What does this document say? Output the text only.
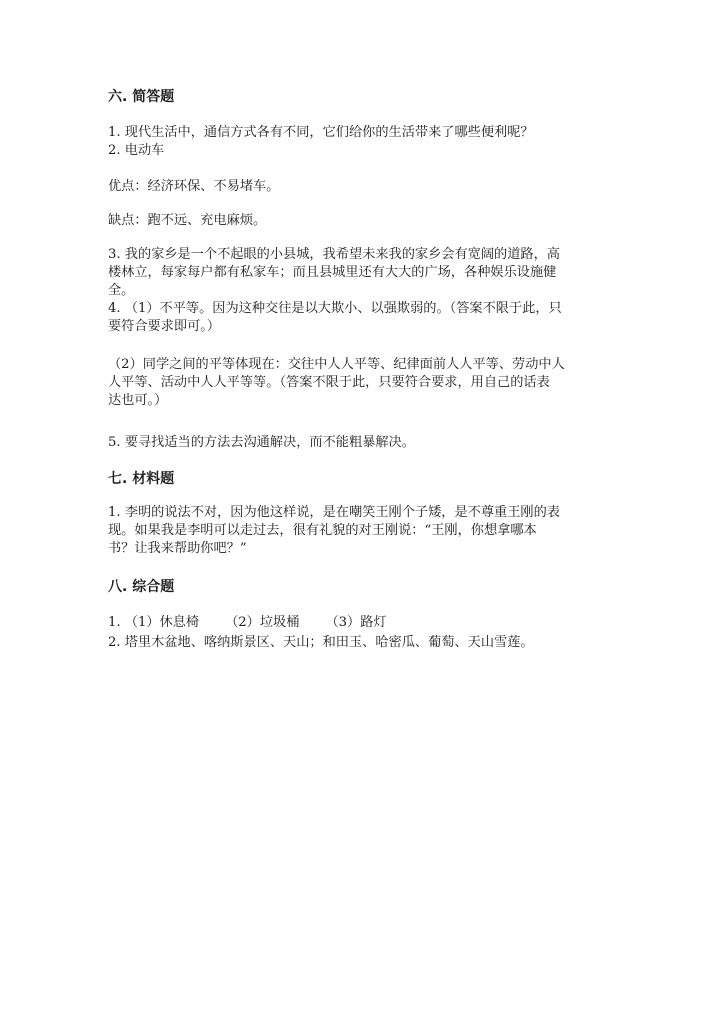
六. 简答题

1. 现代生活中，通信方式各有不同，它们给你的生活带来了哪些便利呢？
2. 电动车

优点：经济环保、不易堵车。

缺点：跑不远、充电麻烦。

3. 我的家乡是一个不起眼的小县城，我希望未来我的家乡会有宽阔的道路，高
楼林立，每家每户都有私家车；而且县城里还有大大的广场，各种娱乐设施健
全。
4. （1）不平等。因为这种交往是以大欺小、以强欺弱的。（答案不限于此，只
要符合要求即可。）

（2）同学之间的平等体现在：交往中人人平等、纪律面前人人平等、劳动中人
人平等、活动中人人平等等。（答案不限于此，只要符合要求，用自己的话表
达也可。）

5. 要寻找适当的方法去沟通解决，而不能粗暴解决。

七. 材料题

1. 李明的说法不对，因为他这样说，是在嘲笑王刚个子矮，是不尊重王刚的表
现。如果我是李明可以走过去，很有礼貌的对王刚说：“王刚，你想拿哪本
书？让我来帮助你吧？”

八. 综合题

1. （1）休息椅 （2）垃圾桶 （3）路灯

2. 塔里木盆地、喀纳斯景区、天山；和田玉、哈密瓜、葡萄、天山雪莲。
